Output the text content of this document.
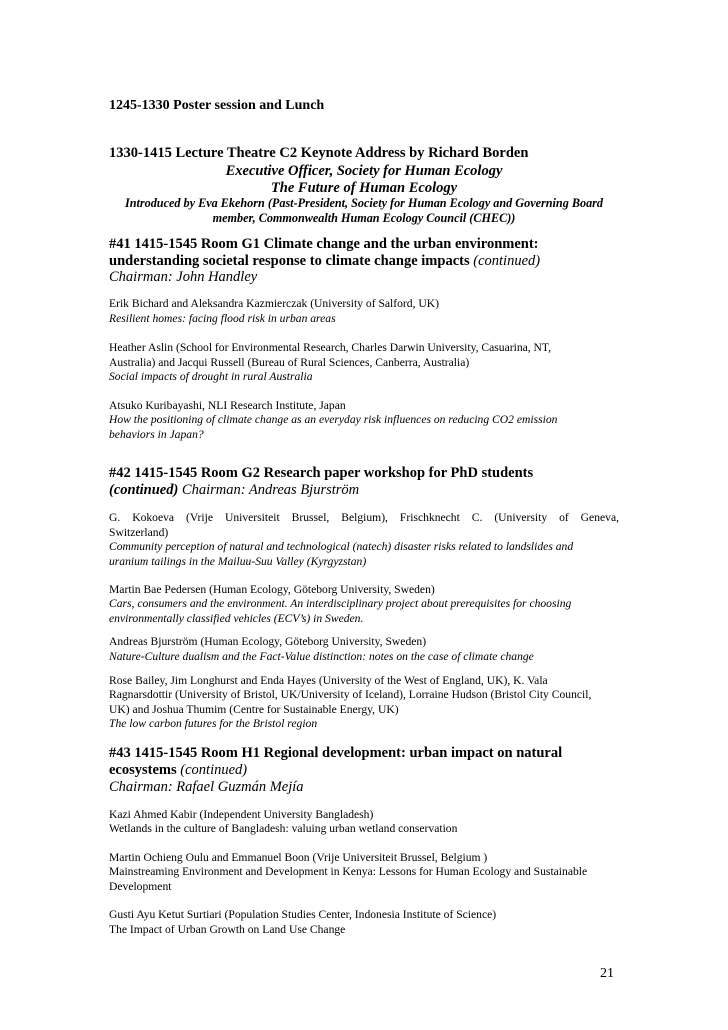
1245-1330 Poster session and Lunch
1330-1415 Lecture Theatre C2 Keynote Address by Richard Borden
Executive Officer, Society for Human Ecology
The Future of Human Ecology
Introduced by Eva Ekehorn (Past-President, Society for Human Ecology and Governing Board
member, Commonwealth Human Ecology Council (CHEC))
#41 1415-1545 Room G1 Climate change and the urban environment:
understanding societal response to climate change impacts (continued)
Chairman: John Handley
Erik Bichard and Aleksandra Kazmierczak (University of Salford, UK)
Resilient homes: facing flood risk in urban areas
Heather Aslin (School for Environmental Research, Charles Darwin University, Casuarina, NT,
Australia) and Jacqui Russell (Bureau of Rural Sciences, Canberra, Australia)
Social impacts of drought in rural Australia
Atsuko Kuribayashi, NLI Research Institute, Japan
How the positioning of climate change as an everyday risk influences on reducing CO2 emission
behaviors in Japan?
#42 1415-1545 Room G2 Research paper workshop for PhD students
(continued) Chairman: Andreas Bjurström
G. Kokoeva (Vrije Universiteit Brussel, Belgium), Frischknecht C. (University of Geneva,
Switzerland)
Community perception of natural and technological (natech) disaster risks related to landslides and
uranium tailings in the Mailuu-Suu Valley (Kyrgyzstan)
Martin Bae Pedersen (Human Ecology, Göteborg University, Sweden)
Cars, consumers and the environment. An interdisciplinary project about prerequisites for choosing
environmentally classified vehicles (ECV’s) in Sweden.
Andreas Bjurström (Human Ecology, Göteborg University, Sweden)
Nature-Culture dualism and the Fact-Value distinction: notes on the case of climate change
Rose Bailey, Jim Longhurst and Enda Hayes (University of the West of England, UK), K. Vala
Ragnarsdottir (University of Bristol, UK/University of Iceland), Lorraine Hudson (Bristol City Council,
UK) and Joshua Thumim (Centre for Sustainable Energy, UK)
The low carbon futures for the Bristol region
#43 1415-1545 Room H1 Regional development: urban impact on natural
ecosystems (continued)
Chairman: Rafael Guzmán Mejía
Kazi Ahmed Kabir (Independent University Bangladesh)
Wetlands in the culture of Bangladesh: valuing urban wetland conservation
Martin Ochieng Oulu and Emmanuel Boon (Vrije Universiteit Brussel, Belgium )
Mainstreaming Environment and Development in Kenya: Lessons for Human Ecology and Sustainable
Development
Gusti Ayu Ketut Surtiari (Population Studies Center, Indonesia Institute of Science)
The Impact of Urban Growth on Land Use Change
21
